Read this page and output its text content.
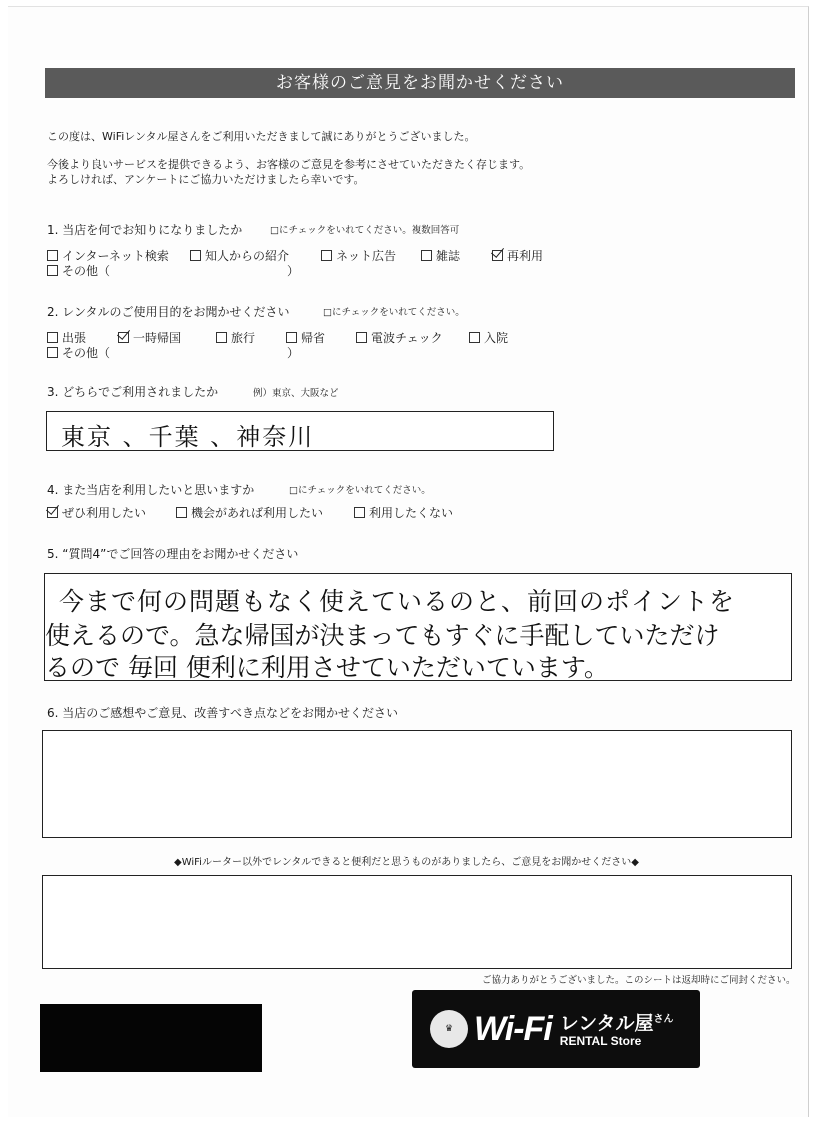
お客様のご意見をお聞かせください
この度は、WiFiレンタル屋さんをご利用いただきまして誠にありがとうございました。
今後より良いサービスを提供できるよう、お客様のご意見を参考にさせていただきたく存じます。
よろしければ、アンケートにご協力いただけましたら幸いです。
1. 当店を何でお知りになりましたか	□にチェックをいれてください。複数回答可
インターネット検索	知人からの紹介	ネット広告	雑誌	再利用
その他（	）
2. レンタルのご使用目的をお聞かせください	□にチェックをいれてください。
出張	一時帰国	旅行	帰省	電波チェック	入院
その他（	）
3. どちらでご利用されましたか	例）東京、大阪など
東京 、千葉 、神奈川
4. また当店を利用したいと思いますか	□にチェックをいれてください。
ぜひ利用したい	機会があれば利用したい	利用したくない
5. “質問4”でご回答の理由をお聞かせください
今まで何の問題もなく使えているのと、前回のポイントを
使えるので。急な帰国が決まってもすぐに手配していただけ
るので 毎回 便利に利用させていただいています。
6. 当店のご感想やご意見、改善すべき点などをお聞かせください
◆WiFiルーター以外でレンタルできると便利だと思うものがありましたら、ご意見をお聞かせください◆
ご協力ありがとうございました。このシートは返却時にご同封ください。
♛ Wi-Fi レンタル屋$^{さん}$
RENTAL Store
